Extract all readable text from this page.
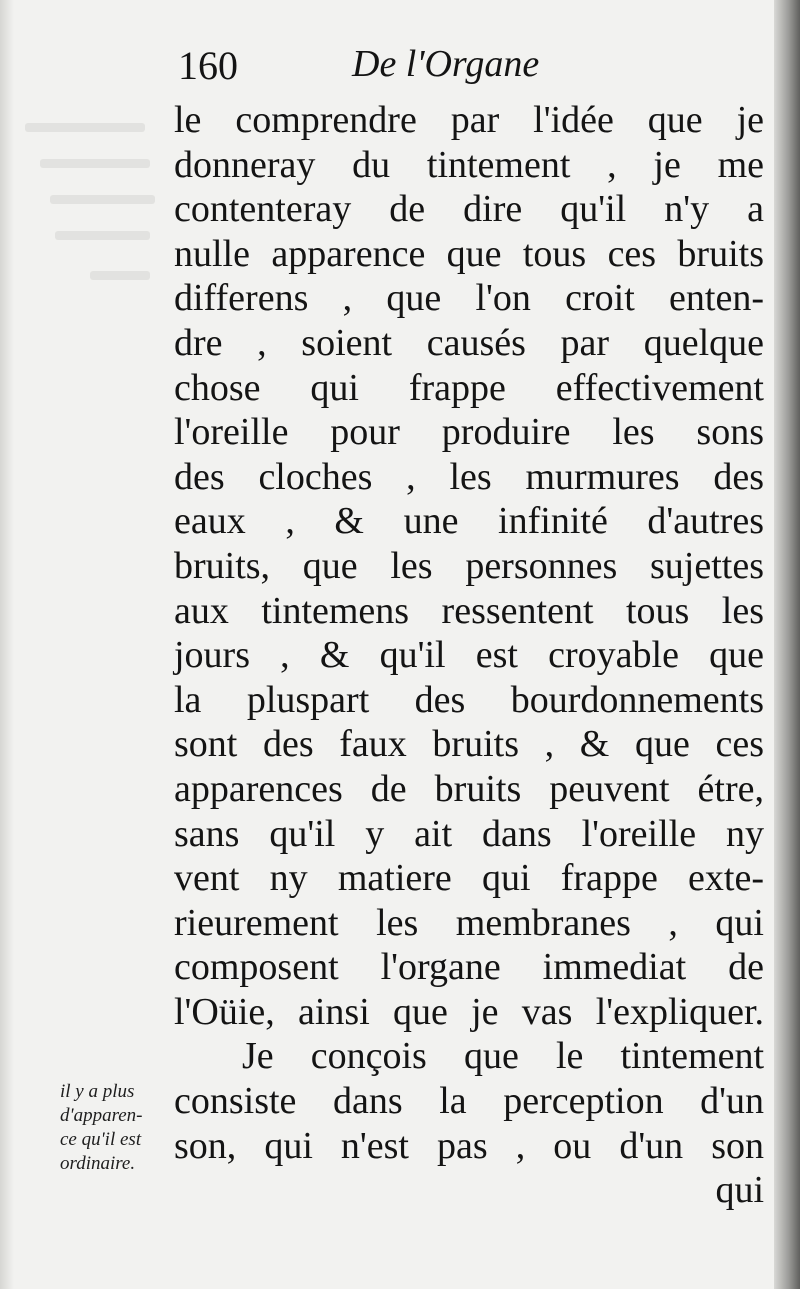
160	De l'Organe
le comprendre par l'idée que je
donneray du tintement , je me
contenteray de dire qu'il n'y a
nulle apparence que tous ces bruits
differens , que l'on croit enten-
dre , soient causés par quelque
chose qui frappe effectivement
l'oreille pour produire les sons
des cloches , les murmures des
eaux , & une infinité d'autres
bruits, que les personnes sujettes
aux tintemens ressentent tous les
jours , & qu'il est croyable que
la pluspart des bourdonnements
sont des faux bruits , & que ces
apparences de bruits peuvent étre,
sans qu'il y ait dans l'oreille ny
vent ny matiere qui frappe exte-
rieurement les membranes , qui
composent l'organe immediat de
l'Oüie, ainsi que je vas l'expliquer.
Je conçois que le tintement
consiste dans la perception d'un
son, qui n'est pas , ou d'un son
qui
il y a plus
d'apparen-
ce qu'il est
ordinaire.
